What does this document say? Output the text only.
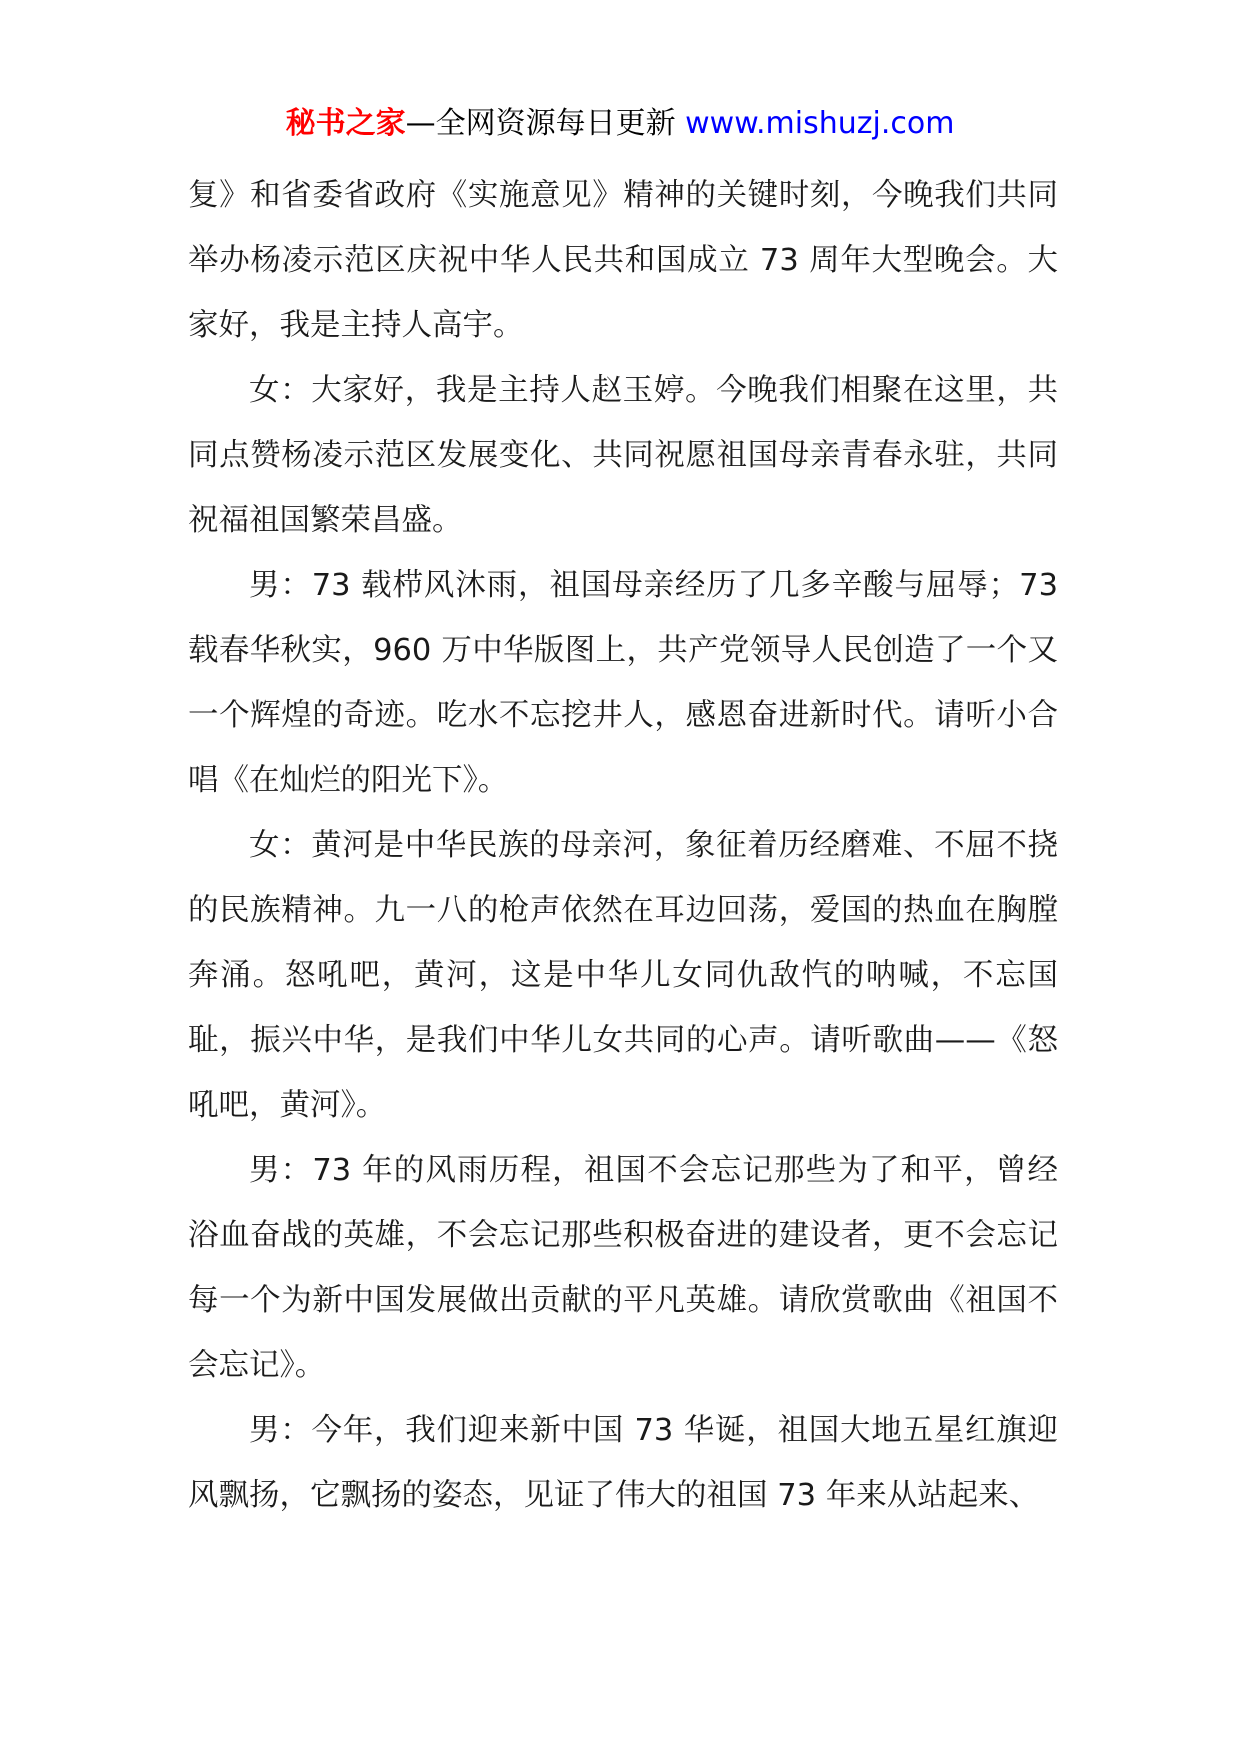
秘书之家—全网资源每日更新 www.mishuzj.com

复》和省委省政府《实施意见》精神的关键时刻，今晚我们共同举办杨凌示范区庆祝中华人民共和国成立 73 周年大型晚会。大家好，我是主持人高宇。

女：大家好，我是主持人赵玉婷。今晚我们相聚在这里，共同点赞杨凌示范区发展变化、共同祝愿祖国母亲青春永驻，共同祝福祖国繁荣昌盛。

男：73 载栉风沐雨，祖国母亲经历了几多辛酸与屈辱；73 载春华秋实，960 万中华版图上，共产党领导人民创造了一个又一个辉煌的奇迹。吃水不忘挖井人，感恩奋进新时代。请听小合唱《在灿烂的阳光下》。

女：黄河是中华民族的母亲河，象征着历经磨难、不屈不挠的民族精神。九一八的枪声依然在耳边回荡，爱国的热血在胸膛奔涌。怒吼吧，黄河，这是中华儿女同仇敌忾的呐喊，不忘国耻，振兴中华，是我们中华儿女共同的心声。请听歌曲——《怒吼吧，黄河》。

男：73 年的风雨历程，祖国不会忘记那些为了和平，曾经浴血奋战的英雄，不会忘记那些积极奋进的建设者，更不会忘记每一个为新中国发展做出贡献的平凡英雄。请欣赏歌曲《祖国不会忘记》。

男：今年，我们迎来新中国 73 华诞，祖国大地五星红旗迎风飘扬，它飘扬的姿态，见证了伟大的祖国 73 年来从站起来、
